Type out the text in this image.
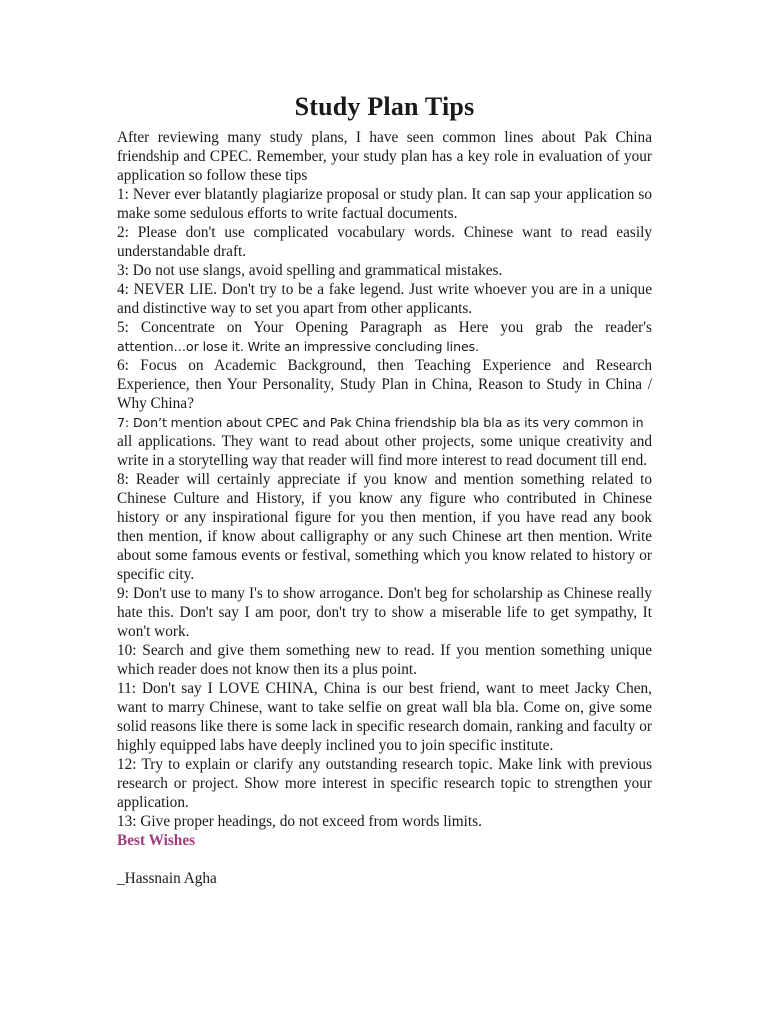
Study Plan Tips

After reviewing many study plans, I have seen common lines about Pak China friendship and CPEC. Remember, your study plan has a key role in evaluation of your application so follow these tips

1: Never ever blatantly plagiarize proposal or study plan. It can sap your application so make some sedulous efforts to write factual documents.

2: Please don't use complicated vocabulary words. Chinese want to read easily understandable draft.

3: Do not use slangs, avoid spelling and grammatical mistakes.

4: NEVER LIE. Don't try to be a fake legend. Just write whoever you are in a unique and distinctive way to set you apart from other applicants.

5: Concentrate on Your Opening Paragraph as Here you grab the reader's

attention…or lose it. Write an impressive concluding lines.

6: Focus on Academic Background, then Teaching Experience and Research Experience, then Your Personality, Study Plan in China, Reason to Study in China / Why China?

7: Don’t mention about CPEC and Pak China friendship bla bla as its very common in

all applications. They want to read about other projects, some unique creativity and write in a storytelling way that reader will find more interest to read document till end.

8: Reader will certainly appreciate if you know and mention something related to Chinese Culture and History, if you know any figure who contributed in Chinese history or any inspirational figure for you then mention, if you have read any book then mention, if know about calligraphy or any such Chinese art then mention. Write about some famous events or festival, something which you know related to history or specific city.

9: Don't use to many I's to show arrogance. Don't beg for scholarship as Chinese really hate this. Don't say I am poor, don't try to show a miserable life to get sympathy, It won't work.

10: Search and give them something new to read. If you mention something unique which reader does not know then its a plus point.

11: Don't say I LOVE CHINA, China is our best friend, want to meet Jacky Chen, want to marry Chinese, want to take selfie on great wall bla bla. Come on, give some solid reasons like there is some lack in specific research domain, ranking and faculty or highly equipped labs have deeply inclined you to join specific institute.

12: Try to explain or clarify any outstanding research topic. Make link with previous research or project. Show more interest in specific research topic to strengthen your application.

13: Give proper headings, do not exceed from words limits.

Best Wishes

_Hassnain Agha
